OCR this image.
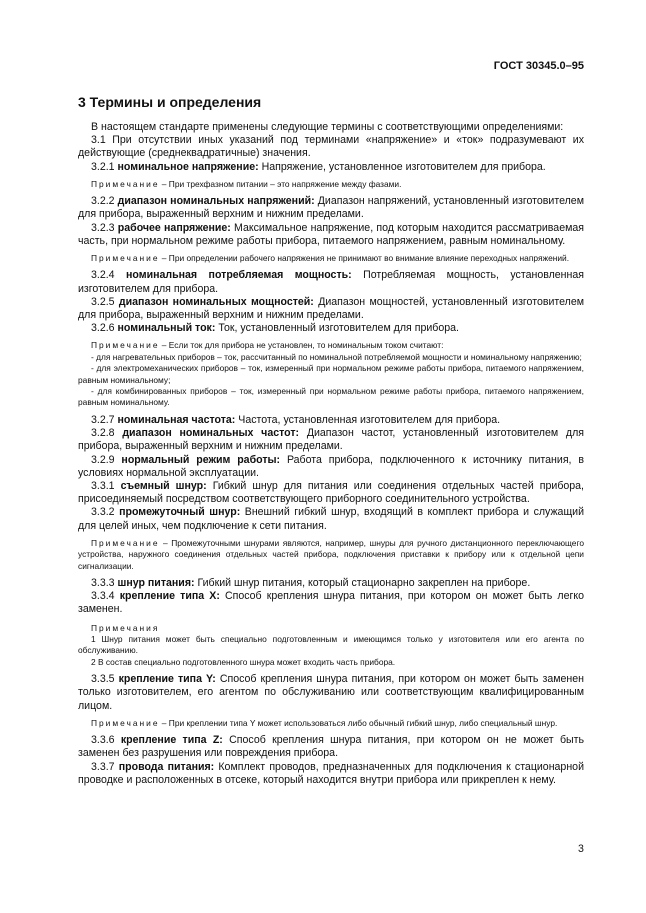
ГОСТ 30345.0–95
3 Термины и определения

В настоящем стандарте применены следующие термины с соответствующими определениями:

3.1 При отсутствии иных указаний под терминами «напряжение» и «ток» подразумевают их действующие (среднеквадратичные) значения.

3.2.1 номинальное напряжение: Напряжение, установленное изготовителем для прибора.

Примечание – При трехфазном питании – это напряжение между фазами.

3.2.2 диапазон номинальных напряжений: Диапазон напряжений, установленный изготовителем для прибора, выраженный верхним и нижним пределами.

3.2.3 рабочее напряжение: Максимальное напряжение, под которым находится рассматриваемая часть, при нормальном режиме работы прибора, питаемого напряжением, равным номинальному.

Примечание – При определении рабочего напряжения не принимают во внимание влияние переходных напряжений.

3.2.4 номинальная потребляемая мощность: Потребляемая мощность, установленная изготовителем для прибора.

3.2.5 диапазон номинальных мощностей: Диапазон мощностей, установленный изготовителем для прибора, выраженный верхним и нижним пределами.

3.2.6 номинальный ток: Ток, установленный изготовителем для прибора.

Примечание – Если ток для прибора не установлен, то номинальным током считают:

- для нагревательных приборов – ток, рассчитанный по номинальной потребляемой мощности и номинальному напряжению;

- для электромеханических приборов – ток, измеренный при нормальном режиме работы прибора, питаемого напряжением, равным номинальному;

- для комбинированных приборов – ток, измеренный при нормальном режиме работы прибора, питаемого напряжением, равным номинальному.

3.2.7 номинальная частота: Частота, установленная изготовителем для прибора.

3.2.8 диапазон номинальных частот: Диапазон частот, установленный изготовителем для прибора, выраженный верхним и нижним пределами.

3.2.9 нормальный режим работы: Работа прибора, подключенного к источнику питания, в условиях нормальной эксплуатации.

3.3.1 съемный шнур: Гибкий шнур для питания или соединения отдельных частей прибора, присоединяемый посредством соответствующего приборного соединительного устройства.

3.3.2 промежуточный шнур: Внешний гибкий шнур, входящий в комплект прибора и служащий для целей иных, чем подключение к сети питания.

Примечание – Промежуточными шнурами являются, например, шнуры для ручного дистанционного переключающего устройства, наружного соединения отдельных частей прибора, подключения приставки к прибору или к отдельной цепи сигнализации.

3.3.3 шнур питания: Гибкий шнур питания, который стационарно закреплен на приборе.

3.3.4 крепление типа X: Способ крепления шнура питания, при котором он может быть легко заменен.

Примечания

1 Шнур питания может быть специально подготовленным и имеющимся только у изготовителя или его агента по обслуживанию.

2 В состав специально подготовленного шнура может входить часть прибора.

3.3.5 крепление типа Y: Способ крепления шнура питания, при котором он может быть заменен только изготовителем, его агентом по обслуживанию или соответствующим квалифицированным лицом.

Примечание – При креплении типа Y может использоваться либо обычный гибкий шнур, либо специальный шнур.

3.3.6 крепление типа Z: Способ крепления шнура питания, при котором он не может быть заменен без разрушения или повреждения прибора.

3.3.7 провода питания: Комплект проводов, предназначенных для подключения к стационарной проводке и расположенных в отсеке, который находится внутри прибора или прикреплен к нему.

3
